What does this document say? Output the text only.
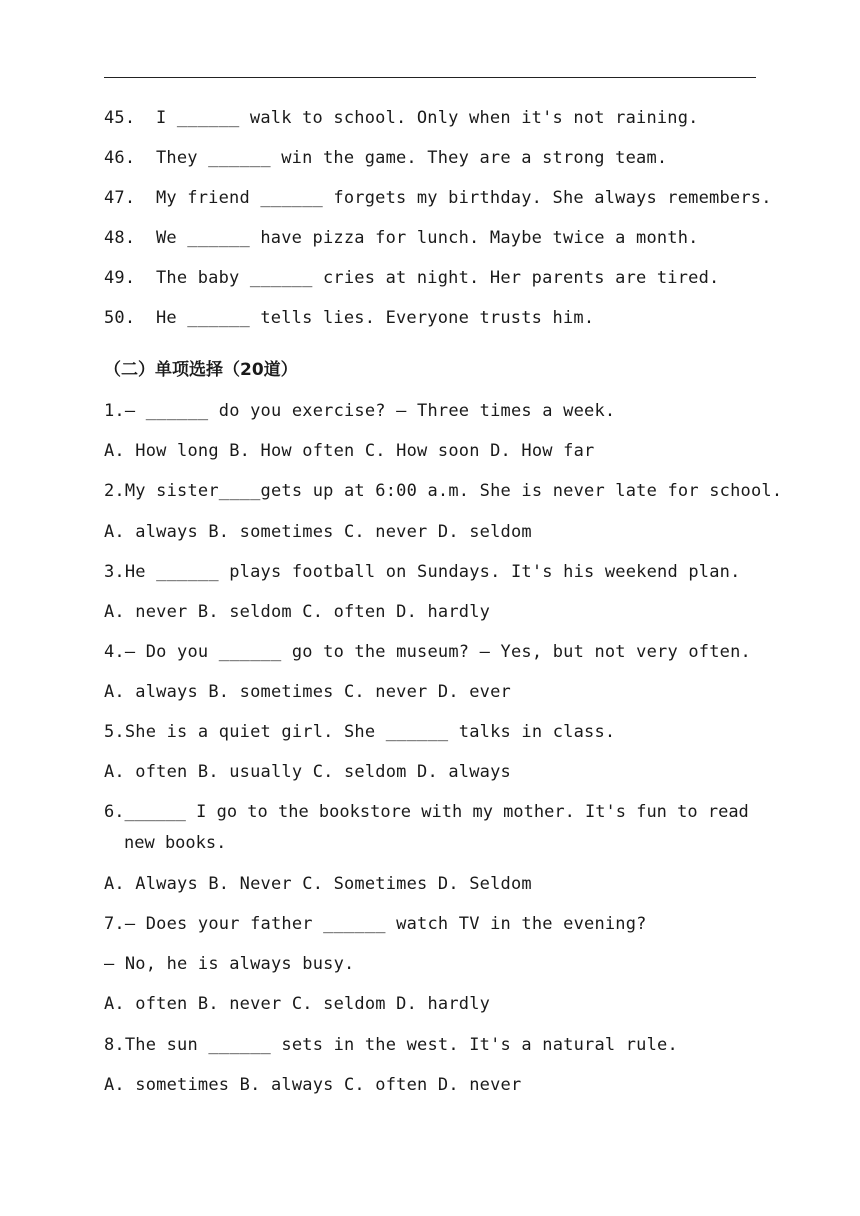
45. I ______ walk to school. Only when it's not raining.
46. They ______ win the game. They are a strong team.
47. My friend ______ forgets my birthday. She always remembers.
48. We ______ have pizza for lunch. Maybe twice a month.
49. The baby ______ cries at night. Her parents are tired.
50. He ______ tells lies. Everyone trusts him.
（二）单项选择（20道）
1.— ______ do you exercise? — Three times a week.
A. How long B. How often C. How soon D. How far
2.My sister____gets up at 6:00 a.m. She is never late for school.
A. always B. sometimes C. never D. seldom
3.He ______ plays football on Sundays. It's his weekend plan.
A. never B. seldom C. often D. hardly
4.— Do you ______ go to the museum? — Yes, but not very often.
A. always B. sometimes C. never D. ever
5.She is a quiet girl. She ______ talks in class.
A. often B. usually C. seldom D. always
6.______ I go to the bookstore with my mother. It's fun to read new books.
A. Always B. Never C. Sometimes D. Seldom
7.— Does your father ______ watch TV in the evening?
— No, he is always busy.
A. often B. never C. seldom D. hardly
8.The sun ______ sets in the west. It's a natural rule.
A. sometimes B. always C. often D. never
